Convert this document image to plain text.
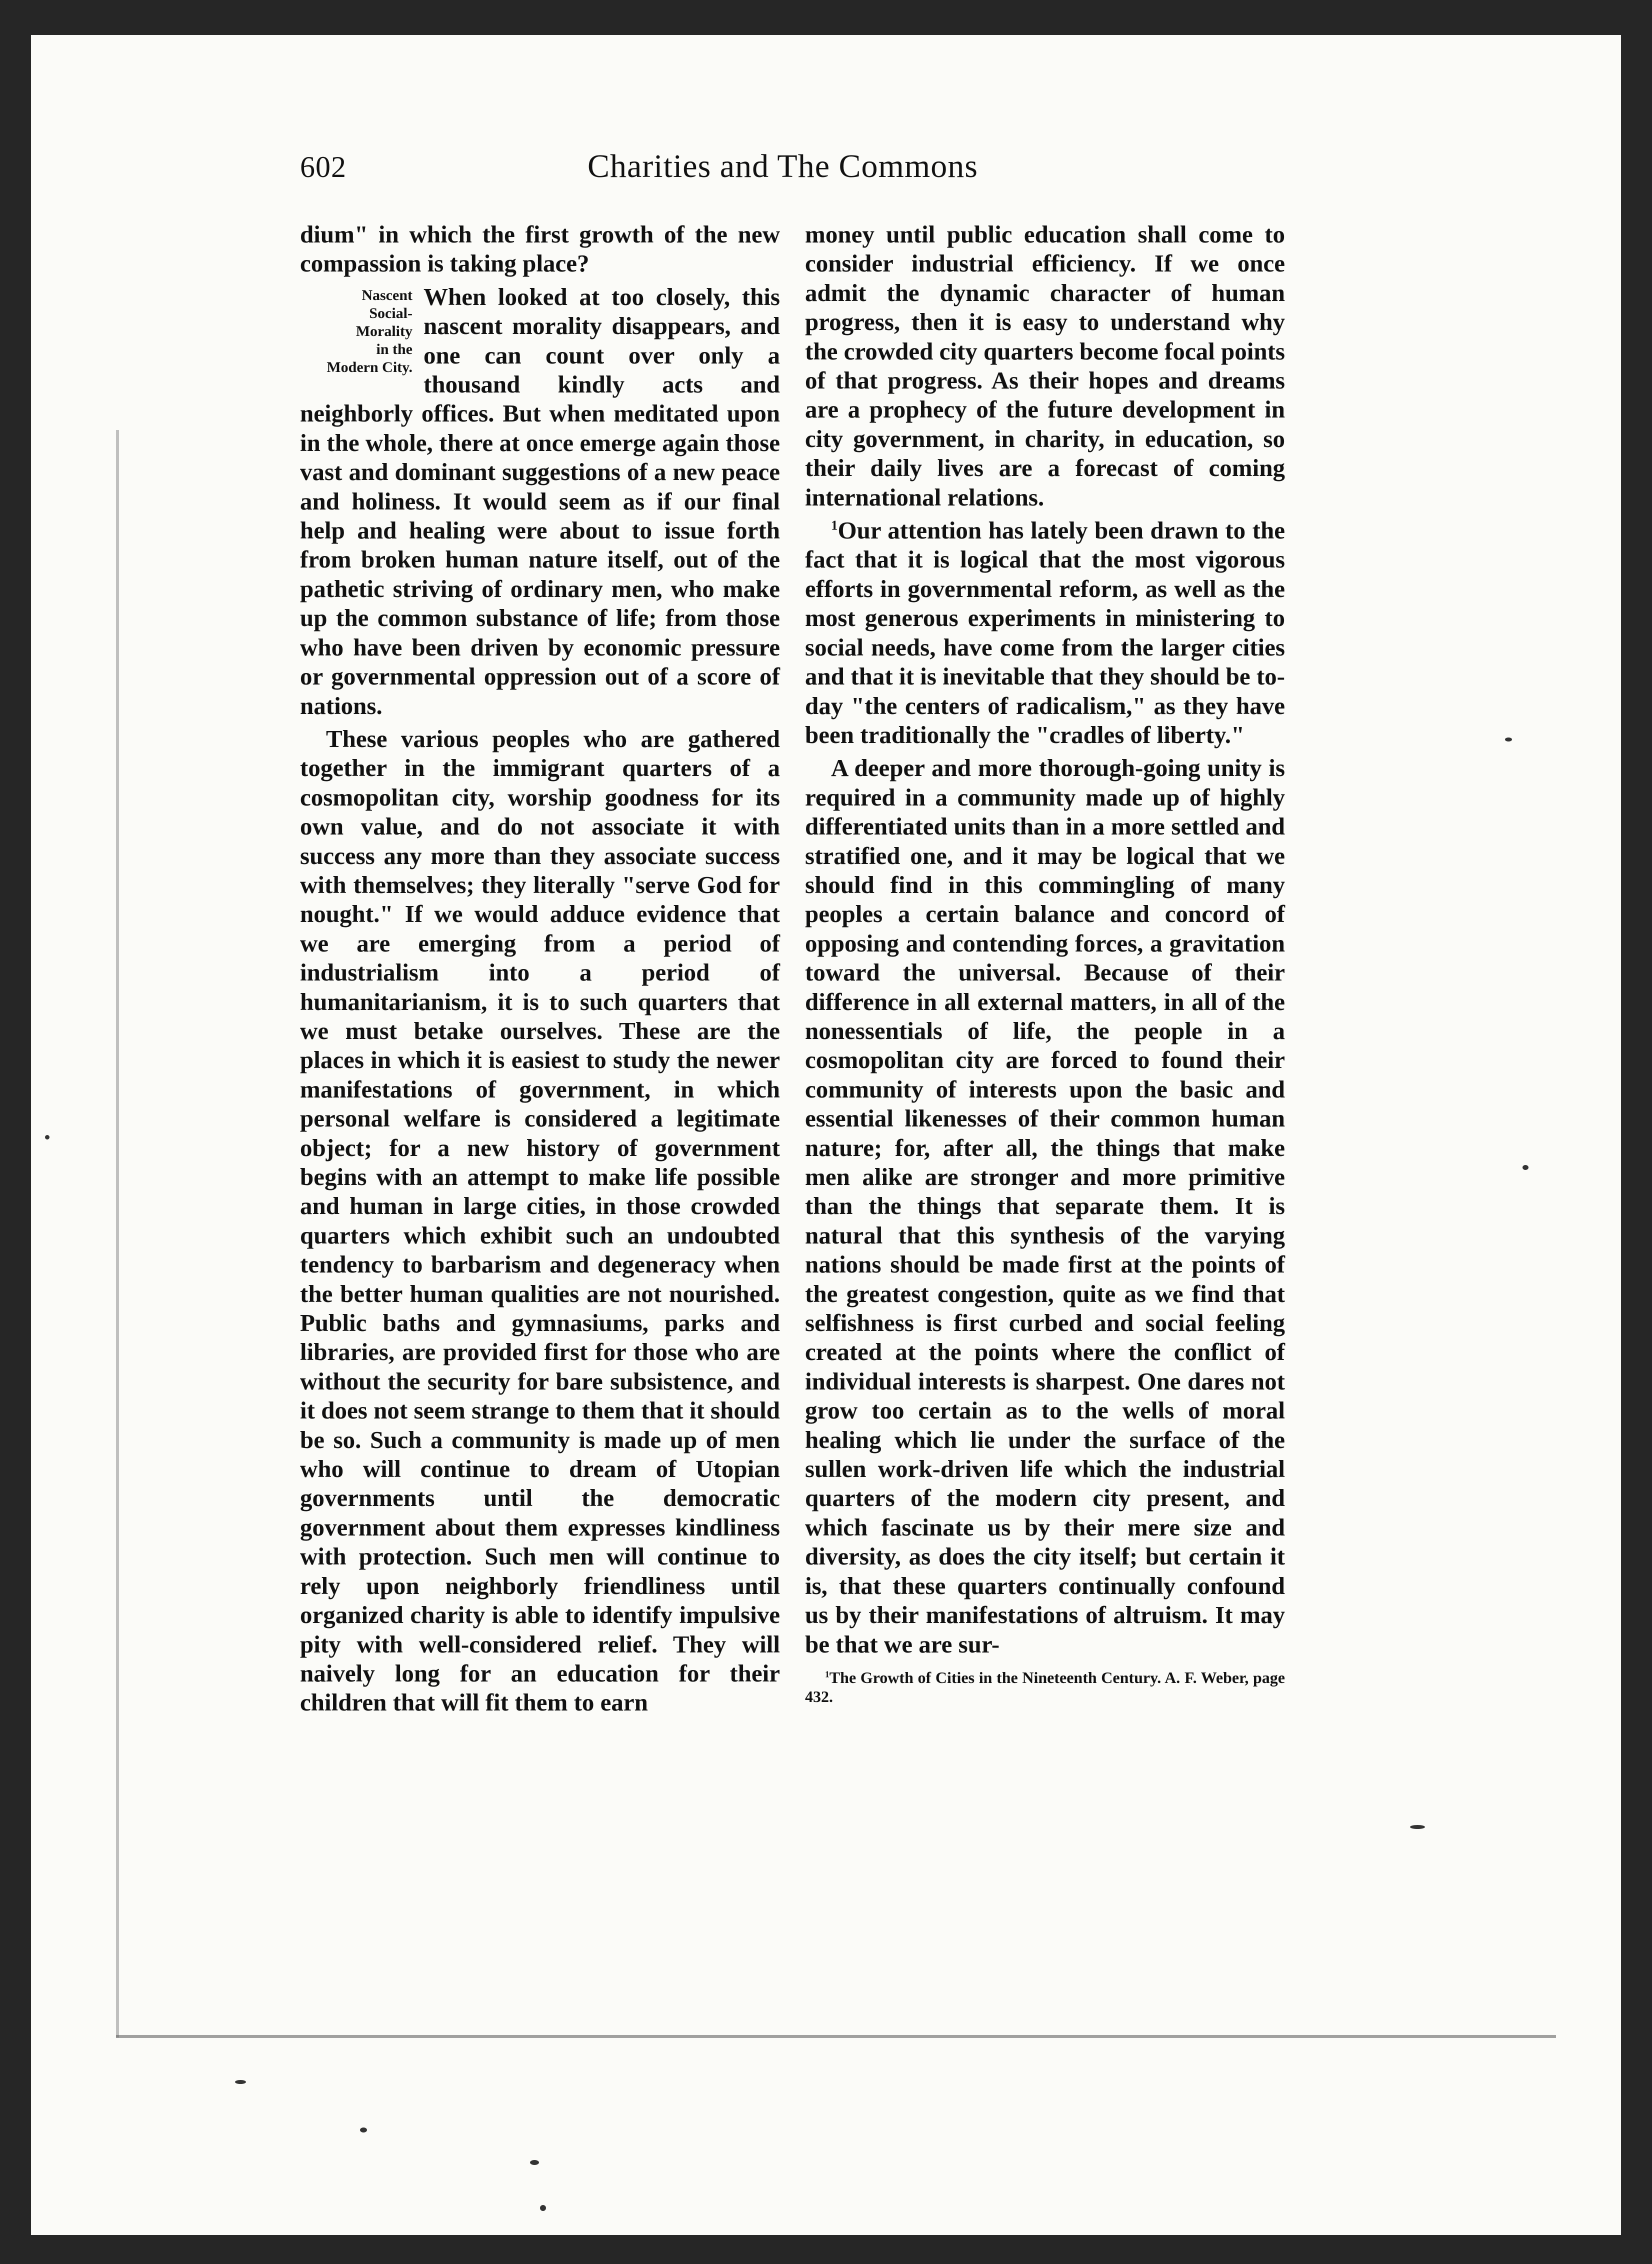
602	Charities and The Commons

dium" in which the first growth of the new compassion is taking place?

Nascent
Social-
Morality
in the
Modern City.
When looked at too closely, this nascent morality disappears, and one can count over only a thousand kindly acts and neighborly offices. But when meditated upon in the whole, there at once emerge again those vast and dominant suggestions of a new peace and holiness. It would seem as if our final help and healing were about to issue forth from broken human nature itself, out of the pathetic striving of ordinary men, who make up the common substance of life; from those who have been driven by economic pressure or governmental oppression out of a score of nations.

These various peoples who are gathered together in the immigrant quarters of a cosmopolitan city, worship goodness for its own value, and do not associate it with success any more than they associate success with themselves; they literally "serve God for nought." If we would adduce evidence that we are emerging from a period of industrialism into a period of humanitarianism, it is to such quarters that we must betake ourselves. These are the places in which it is easiest to study the newer manifestations of government, in which personal welfare is considered a legitimate object; for a new history of government begins with an attempt to make life possible and human in large cities, in those crowded quarters which exhibit such an undoubted tendency to barbarism and degeneracy when the better human qualities are not nourished. Public baths and gymnasiums, parks and libraries, are provided first for those who are without the security for bare subsistence, and it does not seem strange to them that it should be so. Such a community is made up of men who will continue to dream of Utopian governments until the democratic government about them expresses kindliness with protection. Such men will continue to rely upon neighborly friendliness until organized charity is able to identify impulsive pity with well-considered relief. They will naively long for an education for their children that will fit them to earn

money until public education shall come to consider industrial efficiency. If we once admit the dynamic character of human progress, then it is easy to understand why the crowded city quarters become focal points of that progress. As their hopes and dreams are a prophecy of the future development in city government, in charity, in education, so their daily lives are a forecast of coming international relations.

$^1$Our attention has lately been drawn to the fact that it is logical that the most vigorous efforts in governmental reform, as well as the most generous experiments in ministering to social needs, have come from the larger cities and that it is inevitable that they should be to-day "the centers of radicalism," as they have been traditionally the "cradles of liberty."

A deeper and more thorough-going unity is required in a community made up of highly differentiated units than in a more settled and stratified one, and it may be logical that we should find in this commingling of many peoples a certain balance and concord of opposing and contending forces, a gravitation toward the universal. Because of their difference in all external matters, in all of the nonessentials of life, the people in a cosmopolitan city are forced to found their community of interests upon the basic and essential likenesses of their common human nature; for, after all, the things that make men alike are stronger and more primitive than the things that separate them. It is natural that this synthesis of the varying nations should be made first at the points of the greatest congestion, quite as we find that selfishness is first curbed and social feeling created at the points where the conflict of individual interests is sharpest. One dares not grow too certain as to the wells of moral healing which lie under the surface of the sullen work-driven life which the industrial quarters of the modern city present, and which fascinate us by their mere size and diversity, as does the city itself; but certain it is, that these quarters continually confound us by their manifestations of altruism. It may be that we are sur-

$^1$The Growth of Cities in the Nineteenth Century. A. F. Weber, page 432.
